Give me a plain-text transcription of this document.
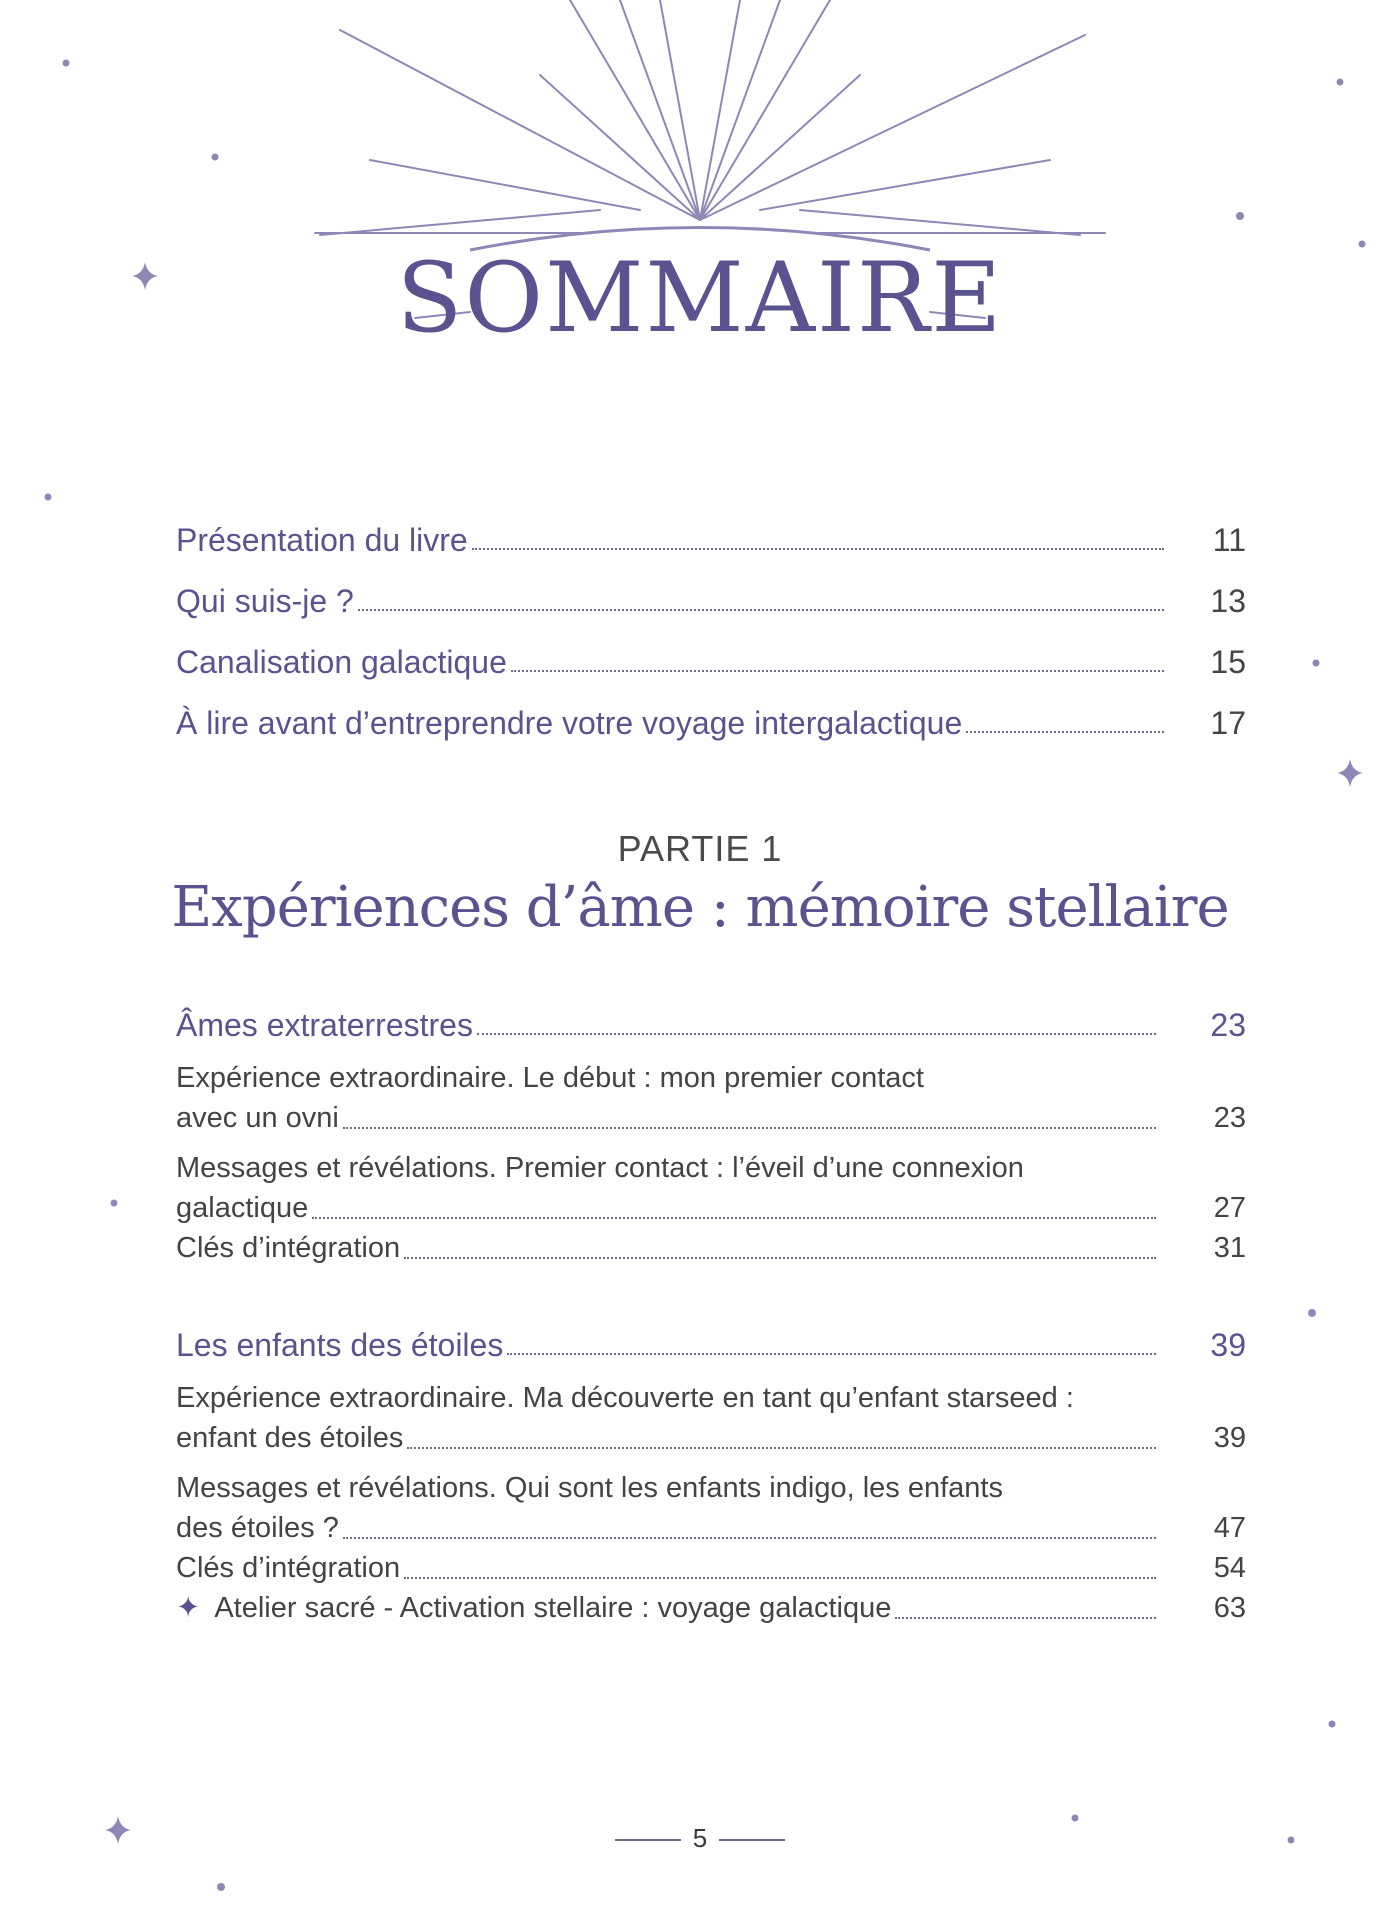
SOMMAIRE
Présentation du livre	11
Qui suis-je ?	13
Canalisation galactique	15
À lire avant d’entreprendre votre voyage intergalactique	17
PARTIE 1
Expériences d’âme : mémoire stellaire
Âmes extraterrestres	23
Expérience extraordinaire. Le début : mon premier contact
avec un ovni	23
Messages et révélations. Premier contact : l’éveil d’une connexion
galactique	27
Clés d’intégration	31
Les enfants des étoiles	39
Expérience extraordinaire. Ma découverte en tant qu’enfant starseed :
enfant des étoiles	39
Messages et révélations. Qui sont les enfants indigo, les enfants
des étoiles ?	47
Clés d’intégration	54
✦ Atelier sacré - Activation stellaire : voyage galactique	63
5
